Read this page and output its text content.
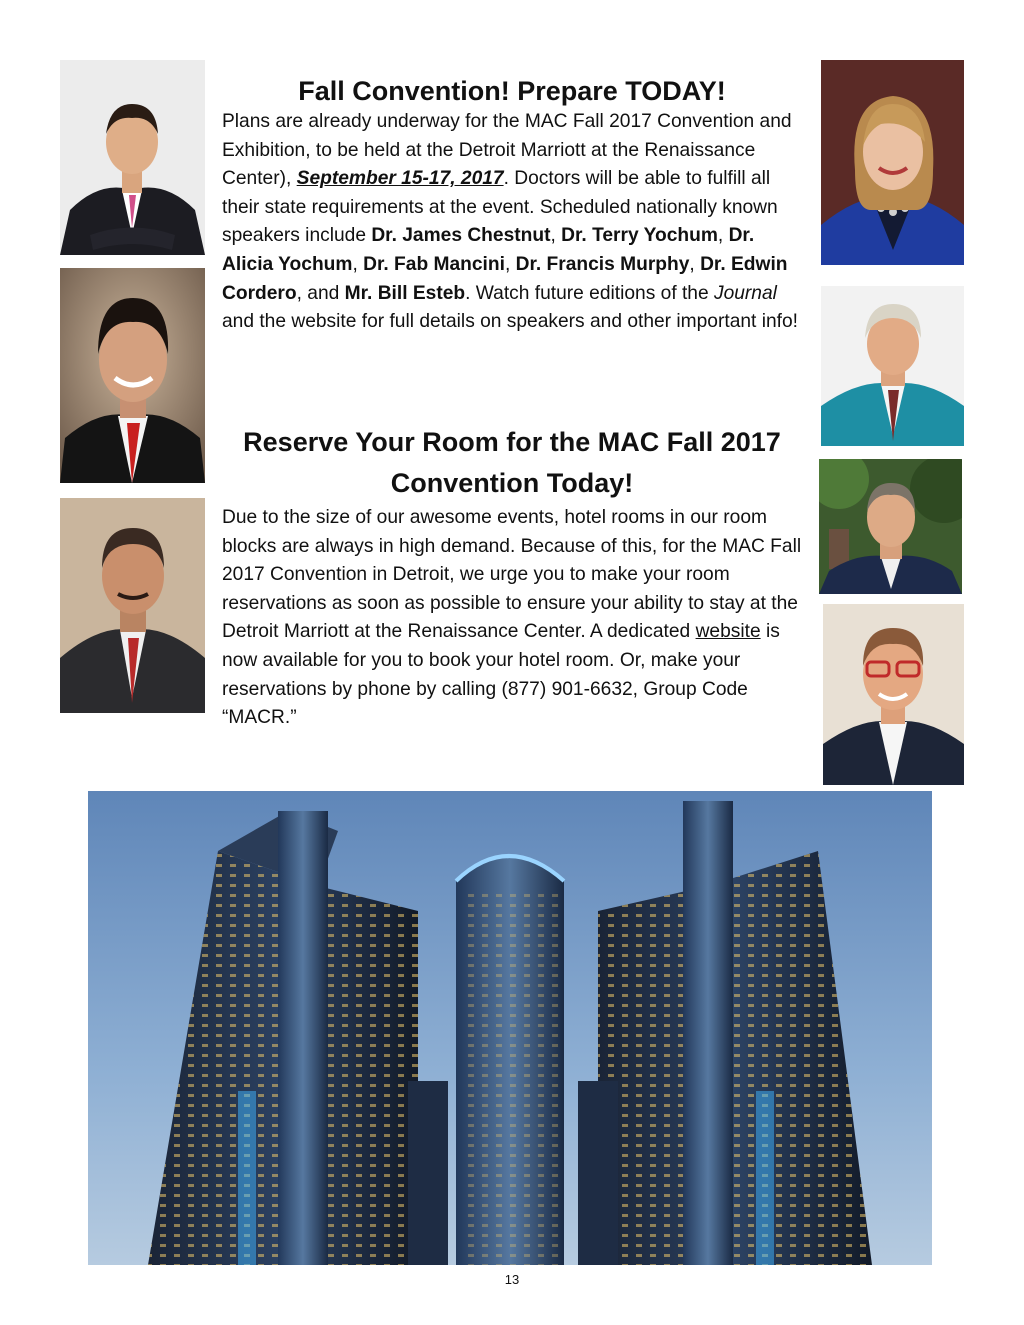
Fall Convention! Prepare TODAY!

Plans are already underway for the MAC Fall 2017 Convention and Exhibition, to be held at the Detroit Marriott at the Renaissance Center), September 15-17, 2017. Doctors will be able to fulfill all their state requirements at the event. Scheduled nationally known speakers include Dr. James Chestnut, Dr. Terry Yochum, Dr. Alicia Yochum, Dr. Fab Mancini, Dr. Francis Murphy, Dr. Edwin Cordero, and Mr. Bill Esteb. Watch future editions of the Journal and the website for full details on speakers and other important info!

Reserve Your Room for the MAC Fall 2017
Convention Today!

Due to the size of our awesome events, hotel rooms in our room blocks are always in high demand. Because of this, for the MAC Fall 2017 Convention in Detroit, we urge you to make your room reservations as soon as possible to ensure your ability to stay at the Detroit Marriott at the Renaissance Center. A dedicated website is now available for you to book your hotel room. Or, make your reservations by phone by calling (877) 901-6632, Group Code “MACR.”

13
